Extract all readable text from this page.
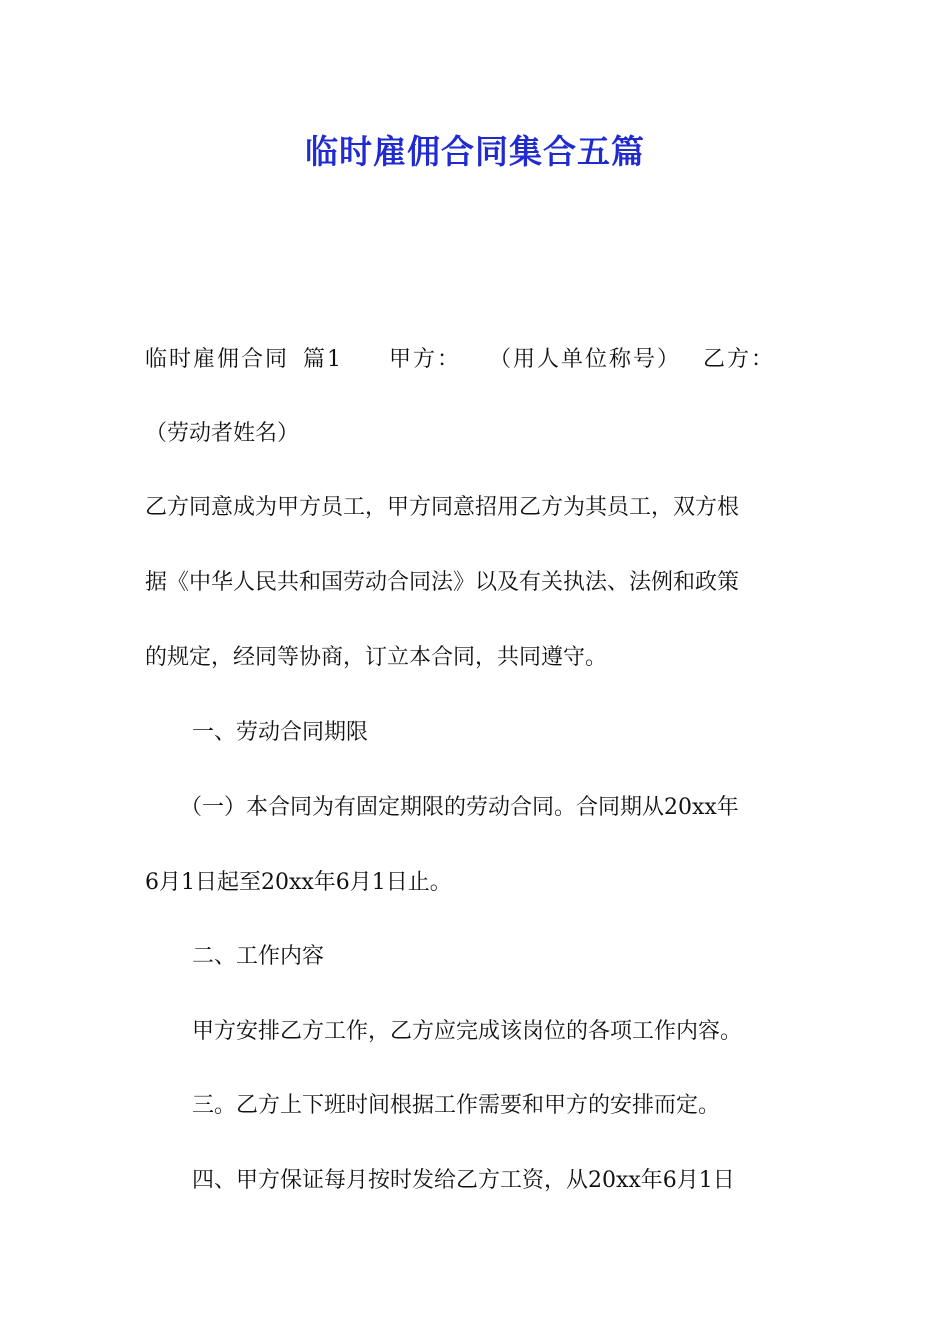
临时雇佣合同集合五篇
临时雇佣合同 篇1 甲方： （用人单位称号） 乙方：
（劳动者姓名）
乙方同意成为甲方员工，甲方同意招用乙方为其员工，双方根
据《中华人民共和国劳动合同法》以及有关执法、法例和政策
的规定，经同等协商，订立本合同，共同遵守。
一、劳动合同期限
（一）本合同为有固定期限的劳动合同。合同期从20xx年
6月1日起至20xx年6月1日止。
二、工作内容
甲方安排乙方工作，乙方应完成该岗位的各项工作内容。
三。乙方上下班时间根据工作需要和甲方的安排而定。
四、甲方保证每月按时发给乙方工资，从20xx年6月1日
